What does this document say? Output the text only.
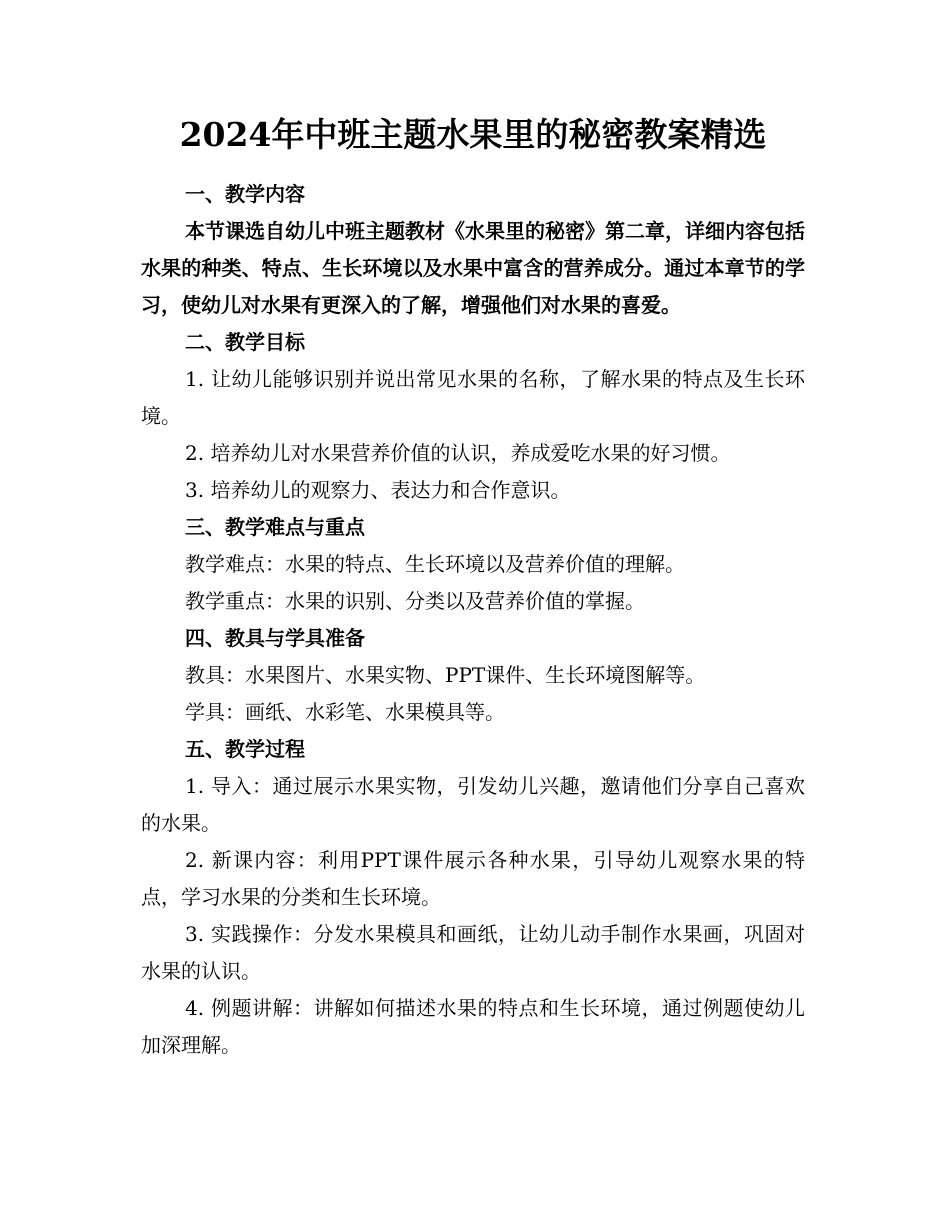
2024年中班主题水果里的秘密教案精选

一、教学内容

本节课选自幼儿中班主题教材《水果里的秘密》第二章，详细内容包括水果的种类、特点、生长环境以及水果中富含的营养成分。通过本章节的学习，使幼儿对水果有更深入的了解，增强他们对水果的喜爱。

二、教学目标

1. 让幼儿能够识别并说出常见水果的名称，了解水果的特点及生长环境。

2. 培养幼儿对水果营养价值的认识，养成爱吃水果的好习惯。

3. 培养幼儿的观察力、表达力和合作意识。

三、教学难点与重点

教学难点：水果的特点、生长环境以及营养价值的理解。

教学重点：水果的识别、分类以及营养价值的掌握。

四、教具与学具准备

教具：水果图片、水果实物、PPT课件、生长环境图解等。

学具：画纸、水彩笔、水果模具等。

五、教学过程

1. 导入：通过展示水果实物，引发幼儿兴趣，邀请他们分享自己喜欢的水果。

2. 新课内容：利用PPT课件展示各种水果，引导幼儿观察水果的特点，学习水果的分类和生长环境。

3. 实践操作：分发水果模具和画纸，让幼儿动手制作水果画，巩固对水果的认识。

4. 例题讲解：讲解如何描述水果的特点和生长环境，通过例题使幼儿加深理解。
